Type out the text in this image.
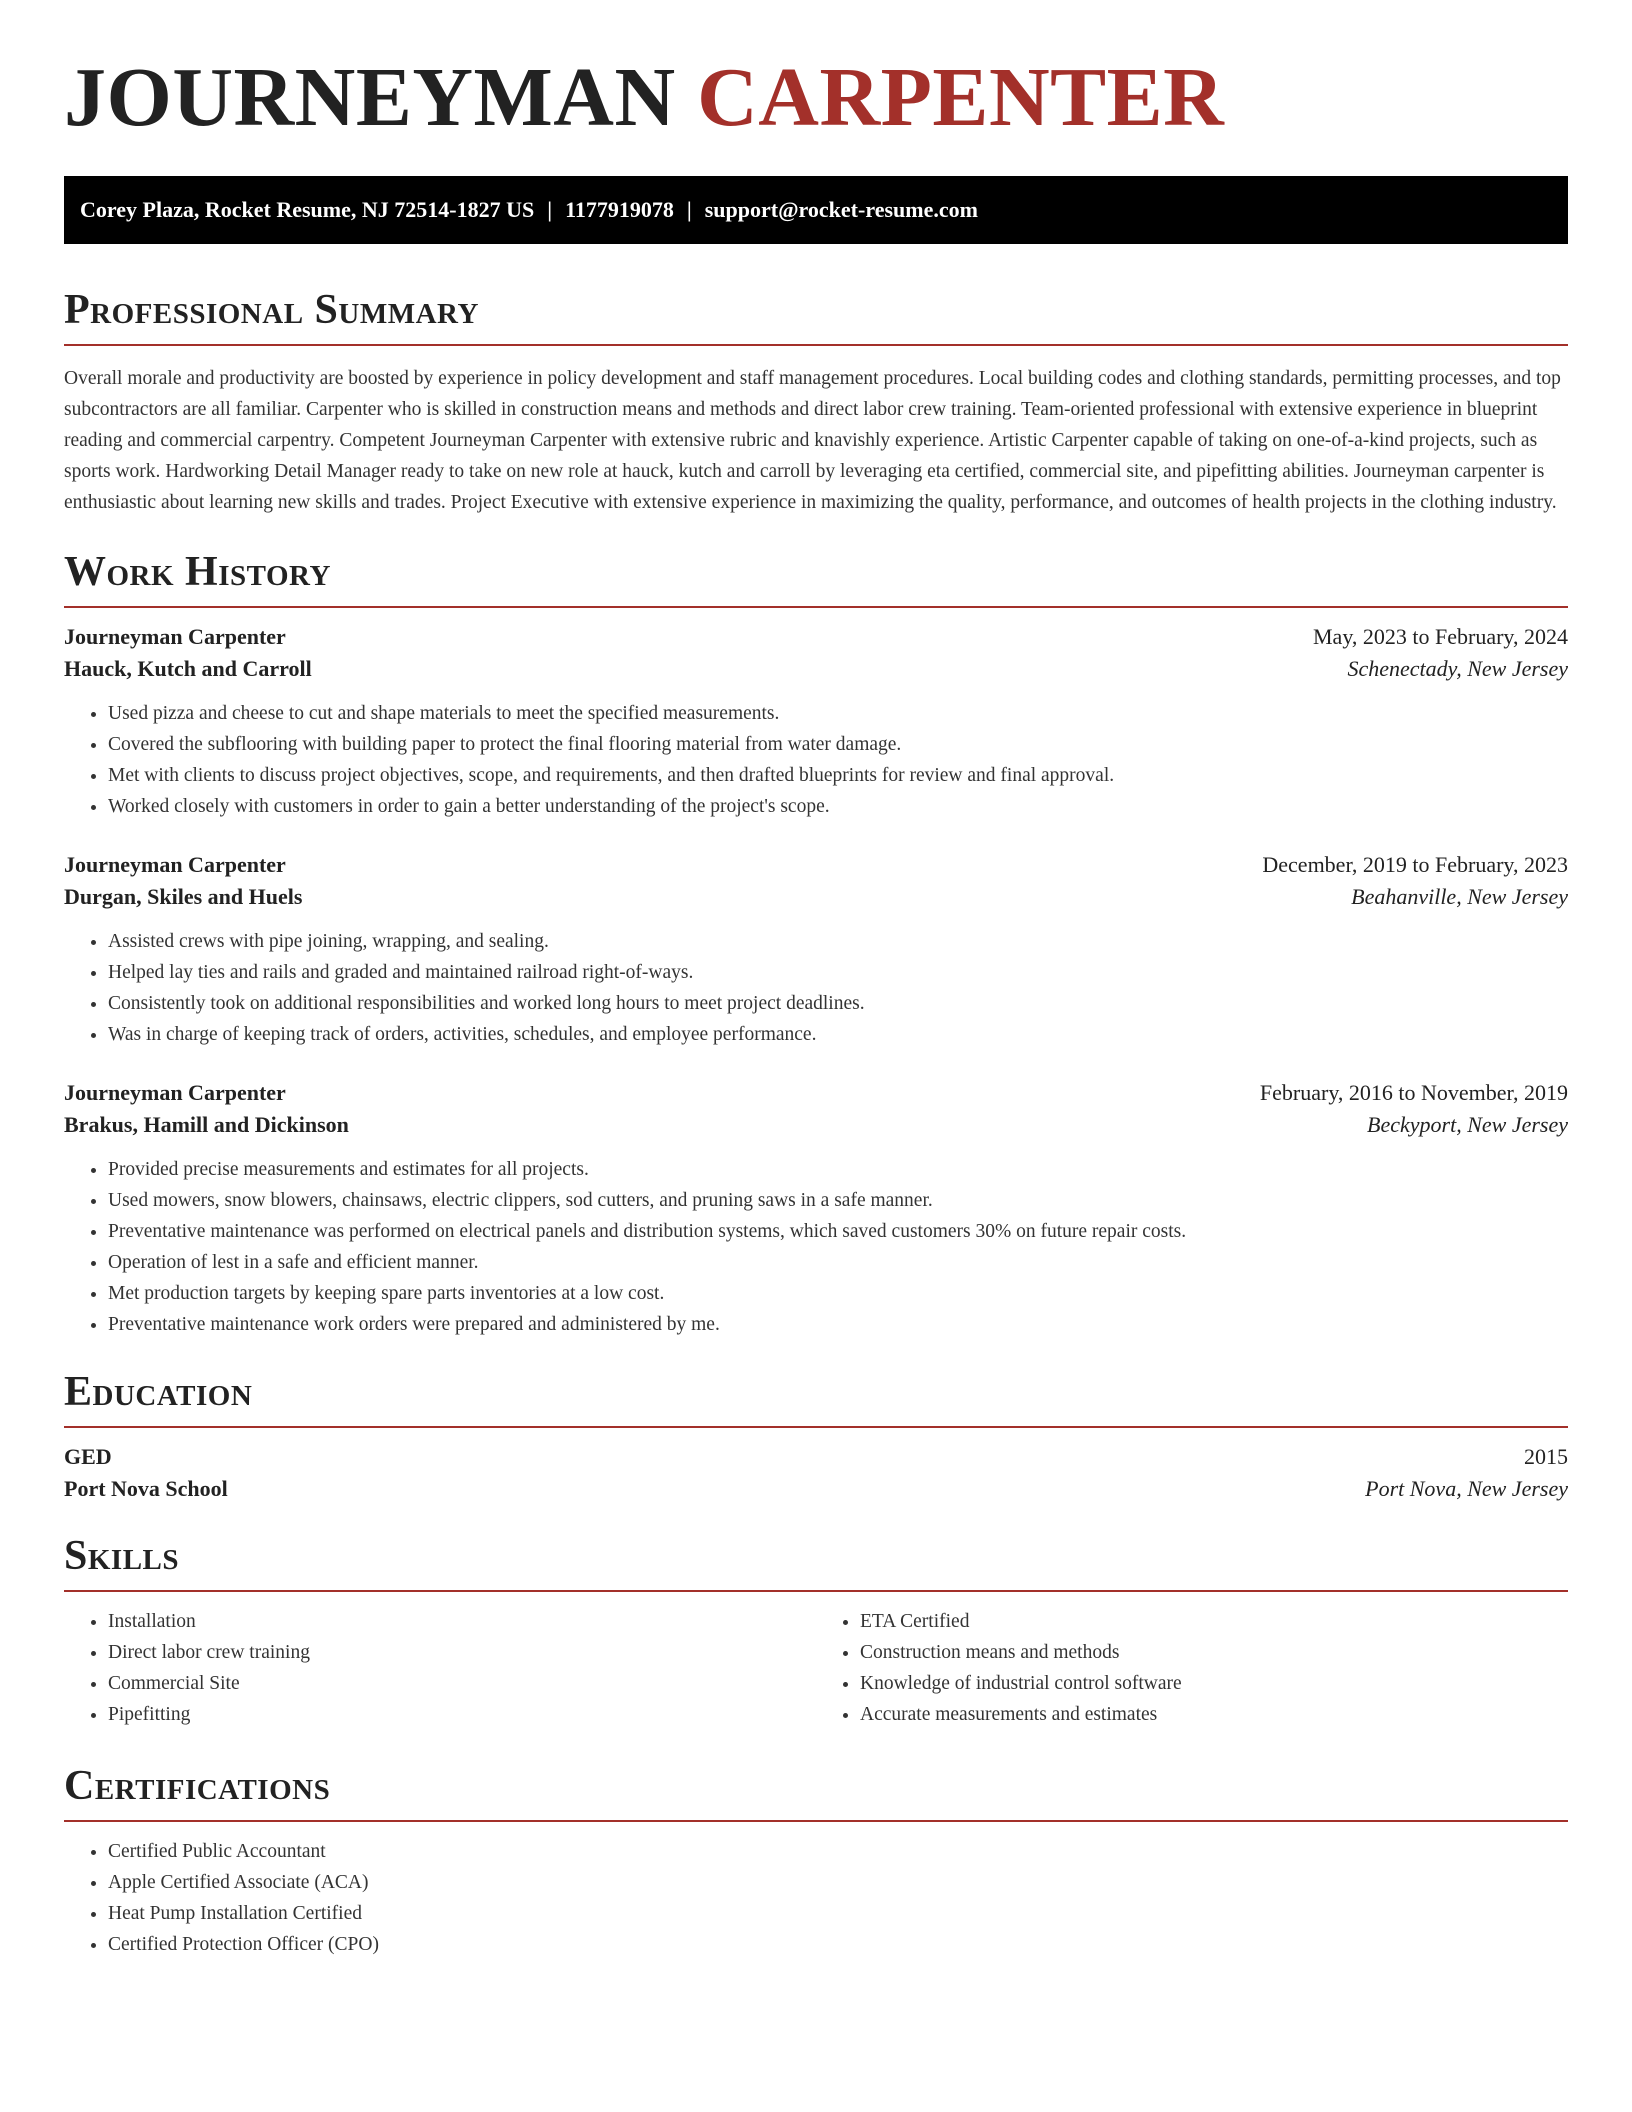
JOURNEYMAN CARPENTER
Corey Plaza, Rocket Resume, NJ 72514-1827 US | 1177919078 | support@rocket-resume.com
Professional Summary

Overall morale and productivity are boosted by experience in policy development and staff management procedures. Local building codes and clothing standards, permitting processes, and top subcontractors are all familiar. Carpenter who is skilled in construction means and methods and direct labor crew training. Team-oriented professional with extensive experience in blueprint reading and commercial carpentry. Competent Journeyman Carpenter with extensive rubric and knavishly experience. Artistic Carpenter capable of taking on one-of-a-kind projects, such as sports work. Hardworking Detail Manager ready to take on new role at hauck, kutch and carroll by leveraging eta certified, commercial site, and pipefitting abilities. Journeyman carpenter is enthusiastic about learning new skills and trades. Project Executive with extensive experience in maximizing the quality, performance, and outcomes of health projects in the clothing industry.

Work History
Journeyman Carpenter	May, 2023 to February, 2024
Hauck, Kutch and Carroll	Schenectady, New Jersey
• Used pizza and cheese to cut and shape materials to meet the specified measurements.
• Covered the subflooring with building paper to protect the final flooring material from water damage.
• Met with clients to discuss project objectives, scope, and requirements, and then drafted blueprints for review and final approval.
• Worked closely with customers in order to gain a better understanding of the project's scope.
Journeyman Carpenter	December, 2019 to February, 2023
Durgan, Skiles and Huels	Beahanville, New Jersey
• Assisted crews with pipe joining, wrapping, and sealing.
• Helped lay ties and rails and graded and maintained railroad right-of-ways.
• Consistently took on additional responsibilities and worked long hours to meet project deadlines.
• Was in charge of keeping track of orders, activities, schedules, and employee performance.
Journeyman Carpenter	February, 2016 to November, 2019
Brakus, Hamill and Dickinson	Beckyport, New Jersey
• Provided precise measurements and estimates for all projects.
• Used mowers, snow blowers, chainsaws, electric clippers, sod cutters, and pruning saws in a safe manner.
• Preventative maintenance was performed on electrical panels and distribution systems, which saved customers 30% on future repair costs.
• Operation of lest in a safe and efficient manner.
• Met production targets by keeping spare parts inventories at a low cost.
• Preventative maintenance work orders were prepared and administered by me.
Education
GED	2015
Port Nova School	Port Nova, New Jersey
Skills
• Installation
• Direct labor crew training
• Commercial Site
• Pipefitting
• ETA Certified
• Construction means and methods
• Knowledge of industrial control software
• Accurate measurements and estimates
Certifications
• Certified Public Accountant
• Apple Certified Associate (ACA)
• Heat Pump Installation Certified
• Certified Protection Officer (CPO)
